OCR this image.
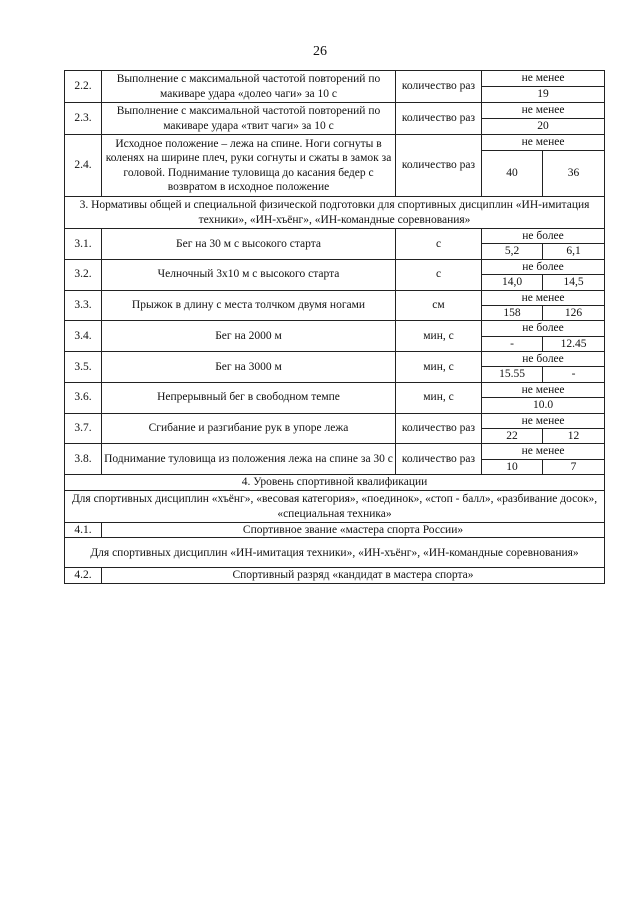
26
2.2.	Выполнение с максимальной частотой повторений по макиваре удара «долео чаги» за 10 с	количество раз	не менее	
			19	
2.3.	Выполнение с максимальной частотой повторений по макиваре удара «твит чаги» за 10 с	количество раз	не менее	
			20	
2.4.	Исходное положение – лежа на спине. Ноги согнуты в коленях на ширине плеч, руки согнуты и сжаты в замок за головой. Поднимание туловища до касания бедер с возвратом в исходное положение	количество раз	не менее	
			40	36
3. Нормативы общей и специальной физической подготовки для спортивных дисциплин «ИН-имитация техники», «ИН-хъёнг», «ИН-командные соревнования»				
3.1.	Бег на 30 м с высокого старта	с	не более	
			5,2	6,1
3.2.	Челночный 3х10 м с высокого старта	с	не более	
			14,0	14,5
3.3.	Прыжок в длину с места толчком двумя ногами	см	не менее	
			158	126
3.4.	Бег на 2000 м	мин, с	не более	
			-	12.45
3.5.	Бег на 3000 м	мин, с	не более	
			15.55	-
3.6.	Непрерывный бег в свободном темпе	мин, с	не менее	
			10.0	
3.7.	Сгибание и разгибание рук в упоре лежа	количество раз	не менее	
			22	12
3.8.	Поднимание туловища из положения лежа на спине за 30 с	количество раз	не менее	
			10	7
4. Уровень спортивной квалификации				
Для спортивных дисциплин «хъёнг», «весовая категория», «поединок», «стоп - балл», «разбивание досок», «специальная техника»				
4.1.	Спортивное звание «мастера спорта России»			
Для спортивных дисциплин «ИН-имитация техники», «ИН-хъёнг», «ИН-командные соревнования»				
4.2.	Спортивный разряд «кандидат в мастера спорта»			
